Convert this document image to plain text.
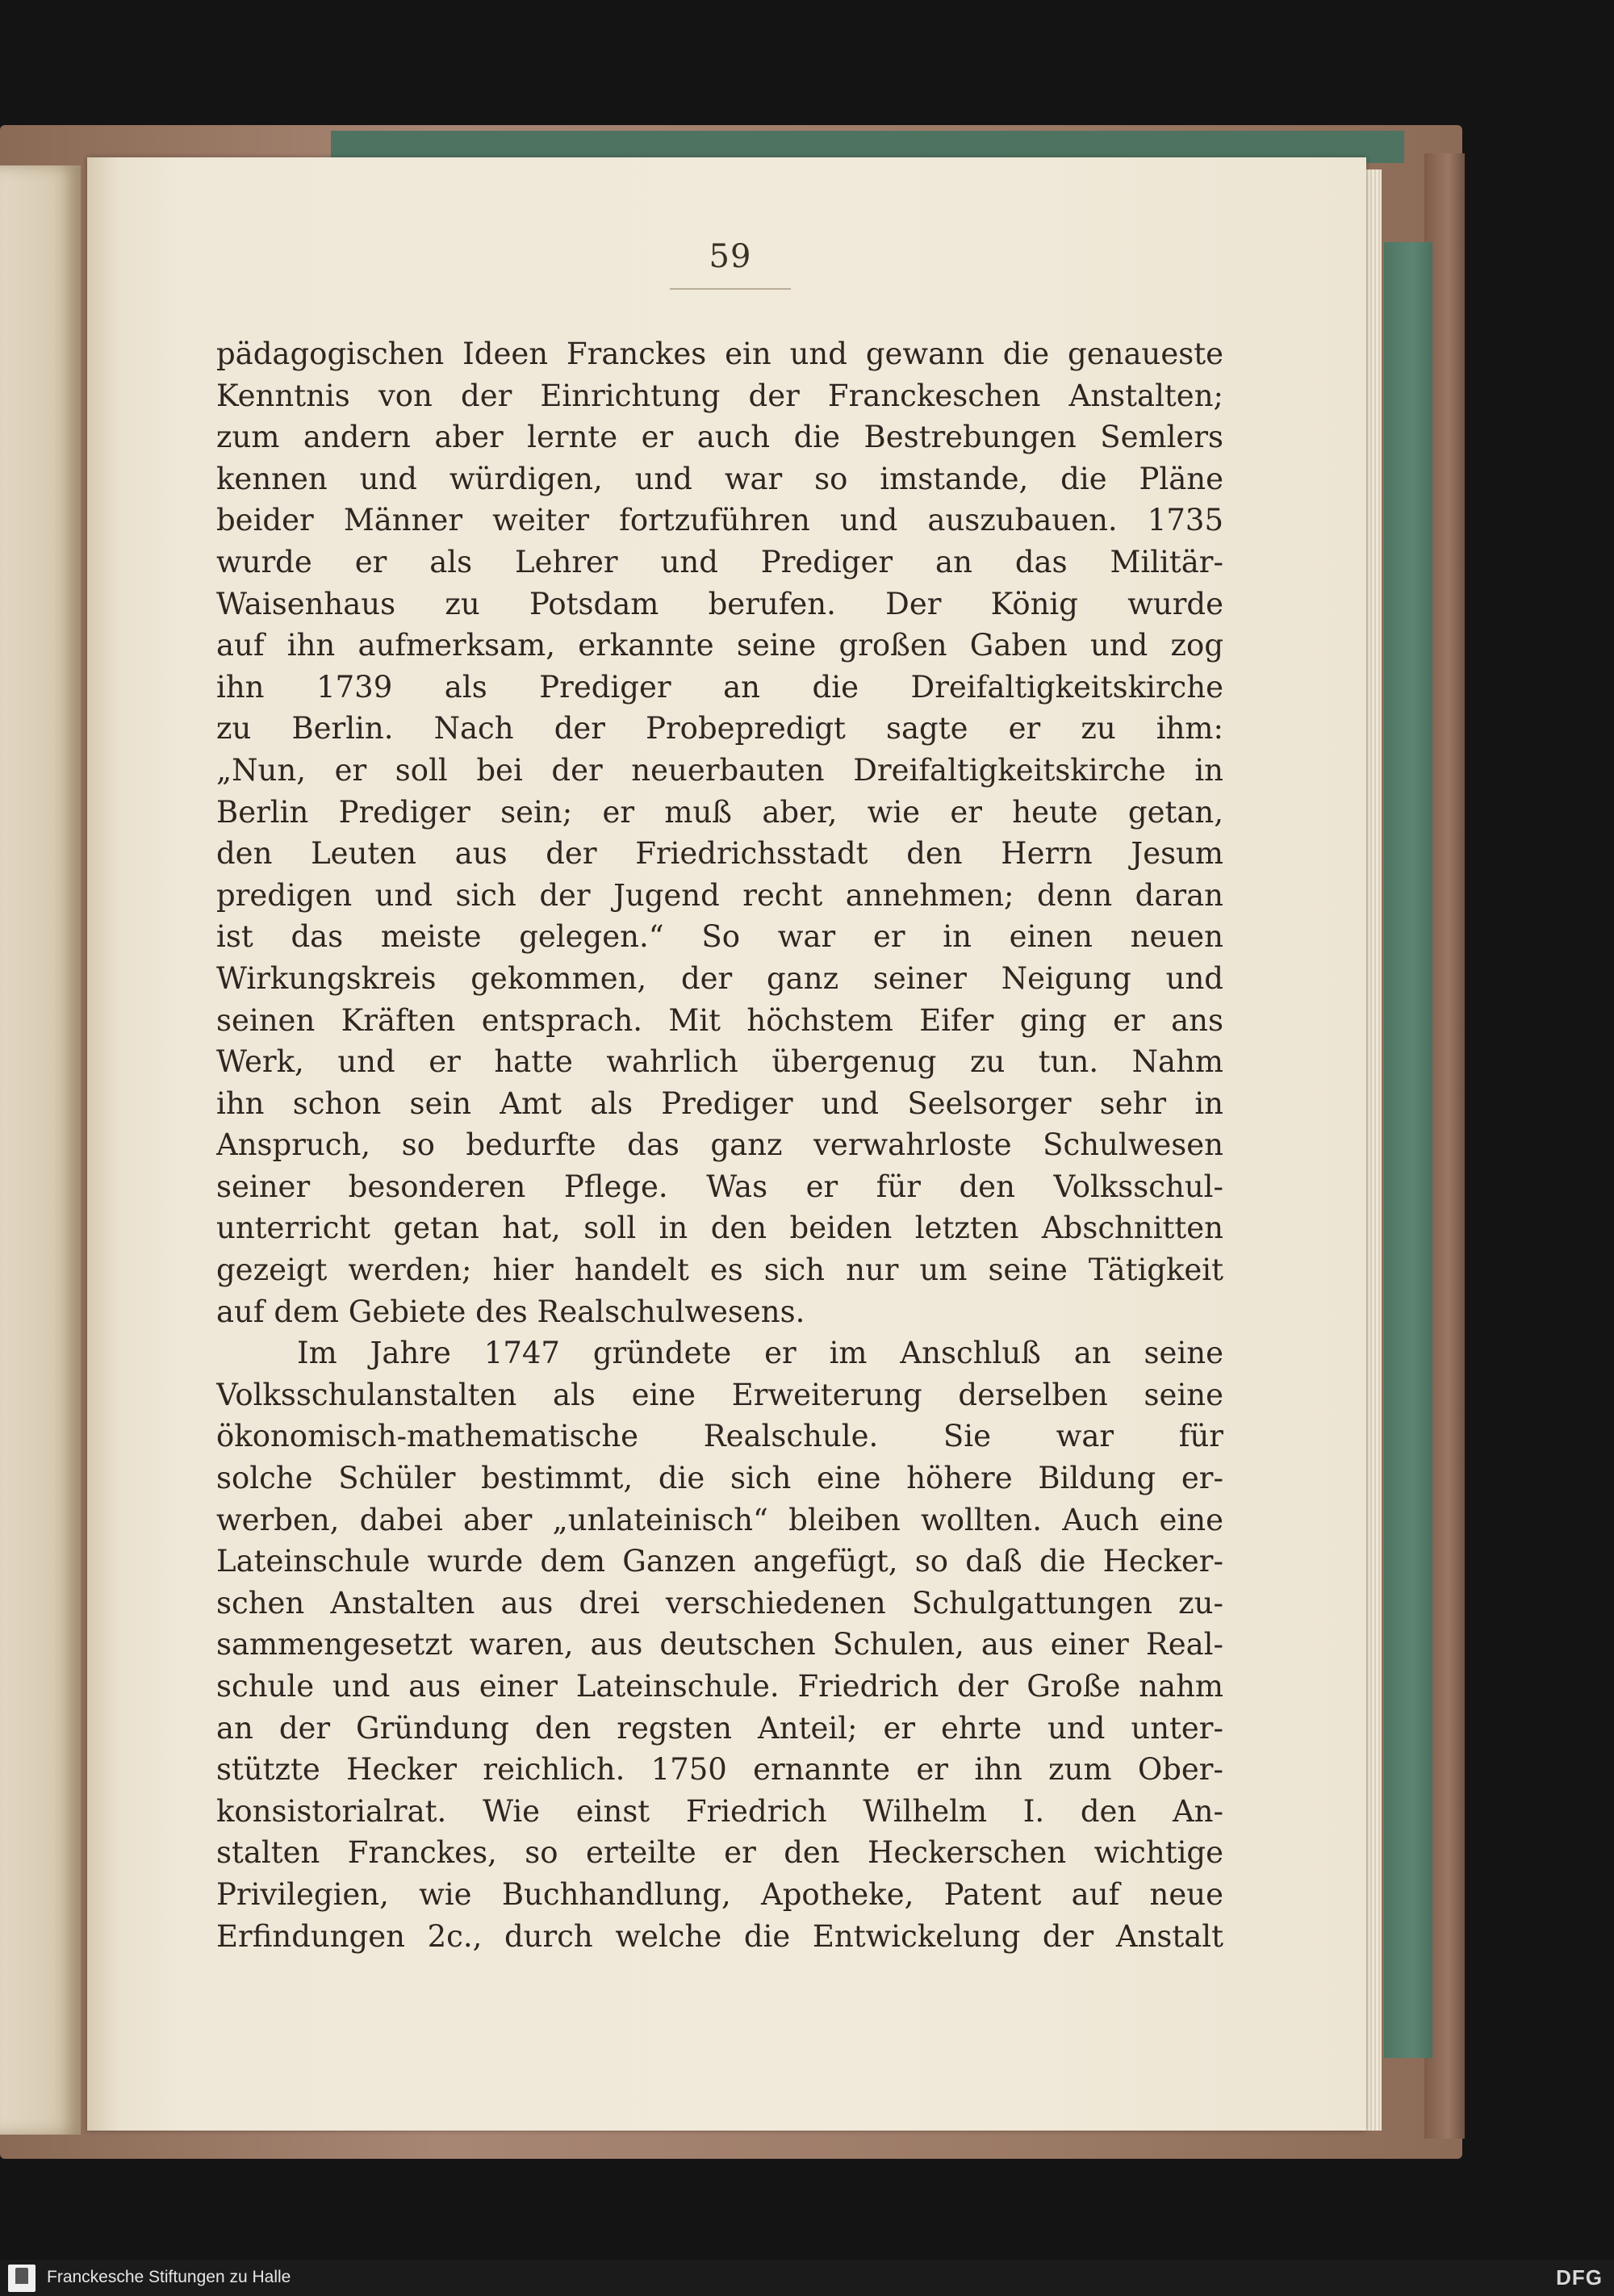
59
pädagogischen Ideen Franckes ein und gewann die genaueste
Kenntnis von der Einrichtung der Franckeschen Anstalten;
zum andern aber lernte er auch die Bestrebungen Semlers
kennen und würdigen, und war so imstande, die Pläne
beider Männer weiter fortzuführen und auszubauen. 1735
wurde er als Lehrer und Prediger an das Militär-
Waisenhaus zu Potsdam berufen. Der König wurde
auf ihn aufmerksam, erkannte seine großen Gaben und zog
ihn 1739 als Prediger an die Dreifaltigkeitskirche
zu Berlin. Nach der Probepredigt sagte er zu ihm:
„Nun, er soll bei der neuerbauten Dreifaltigkeitskirche in
Berlin Prediger sein; er muß aber, wie er heute getan,
den Leuten aus der Friedrichsstadt den Herrn Jesum
predigen und sich der Jugend recht annehmen; denn daran
ist das meiste gelegen.“ So war er in einen neuen
Wirkungskreis gekommen, der ganz seiner Neigung und
seinen Kräften entsprach. Mit höchstem Eifer ging er ans
Werk, und er hatte wahrlich übergenug zu tun. Nahm
ihn schon sein Amt als Prediger und Seelsorger sehr in
Anspruch, so bedurfte das ganz verwahrloste Schulwesen
seiner besonderen Pflege. Was er für den Volksschul-
unterricht getan hat, soll in den beiden letzten Abschnitten
gezeigt werden; hier handelt es sich nur um seine Tätigkeit
auf dem Gebiete des Realschulwesens.
Im Jahre 1747 gründete er im Anschluß an seine
Volksschulanstalten als eine Erweiterung derselben seine
ökonomisch-mathematische Realschule. Sie war für
solche Schüler bestimmt, die sich eine höhere Bildung er-
werben, dabei aber „unlateinisch“ bleiben wollten. Auch eine
Lateinschule wurde dem Ganzen angefügt, so daß die Hecker-
schen Anstalten aus drei verschiedenen Schulgattungen zu-
sammengesetzt waren, aus deutschen Schulen, aus einer Real-
schule und aus einer Lateinschule. Friedrich der Große nahm
an der Gründung den regsten Anteil; er ehrte und unter-
stützte Hecker reichlich. 1750 ernannte er ihn zum Ober-
konsistorialrat. Wie einst Friedrich Wilhelm I. den An-
stalten Franckes, so erteilte er den Heckerschen wichtige
Privilegien, wie Buchhandlung, Apotheke, Patent auf neue
Erfindungen 2c., durch welche die Entwickelung der Anstalt
Franckesche Stiftungen zu Halle	DFG
